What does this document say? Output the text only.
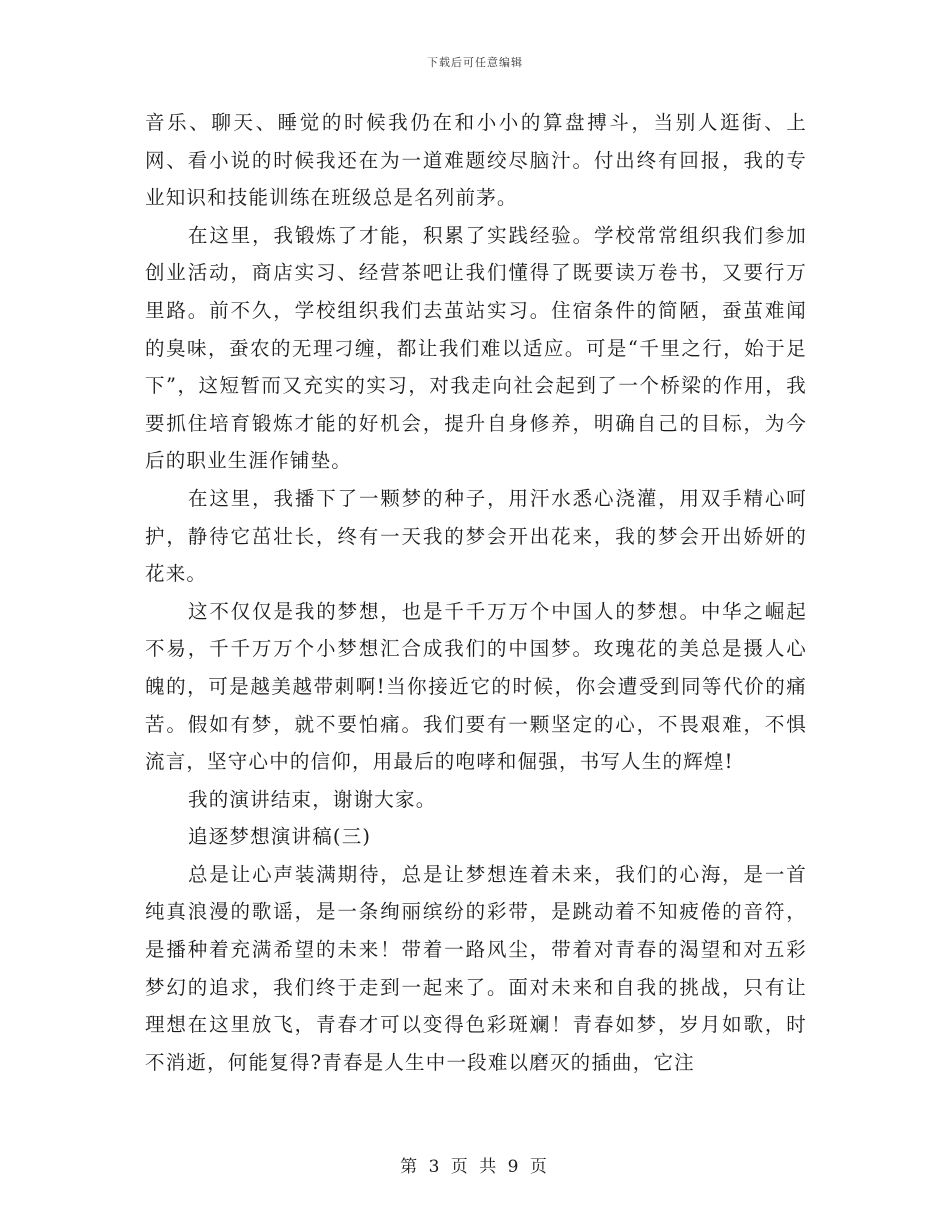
下载后可任意编辑

音乐、聊天、睡觉的时候我仍在和小小的算盘搏斗，当别人逛街、上网、看小说的时候我还在为一道难题绞尽脑汁。付出终有回报，我的专业知识和技能训练在班级总是名列前茅。

在这里，我锻炼了才能，积累了实践经验。学校常常组织我们参加创业活动，商店实习、经营茶吧让我们懂得了既要读万卷书，又要行万里路。前不久，学校组织我们去茧站实习。住宿条件的简陋，蚕茧难闻的臭味，蚕农的无理刁缠，都让我们难以适应。可是“千里之行，始于足下”，这短暂而又充实的实习，对我走向社会起到了一个桥梁的作用，我要抓住培育锻炼才能的好机会，提升自身修养，明确自己的目标，为今后的职业生涯作铺垫。

在这里，我播下了一颗梦的种子，用汗水悉心浇灌，用双手精心呵护，静待它茁壮长，终有一天我的梦会开出花来，我的梦会开出娇妍的花来。

这不仅仅是我的梦想，也是千千万万个中国人的梦想。中华之崛起不易，千千万万个小梦想汇合成我们的中国梦。玫瑰花的美总是摄人心魄的，可是越美越带刺啊!当你接近它的时候，你会遭受到同等代价的痛苦。假如有梦，就不要怕痛。我们要有一颗坚定的心，不畏艰难，不惧流言，坚守心中的信仰，用最后的咆哮和倔强，书写人生的辉煌!

我的演讲结束，谢谢大家。

追逐梦想演讲稿(三)

总是让心声装满期待，总是让梦想连着未来，我们的心海，是一首纯真浪漫的歌谣，是一条绚丽缤纷的彩带，是跳动着不知疲倦的音符，是播种着充满希望的未来！带着一路风尘，带着对青春的渴望和对五彩梦幻的追求，我们终于走到一起来了。面对未来和自我的挑战，只有让理想在这里放飞，青春才可以变得色彩斑斓！青春如梦，岁月如歌，时不消逝，何能复得?青春是人生中一段难以磨灭的插曲，它注

第 3 页 共 9 页
